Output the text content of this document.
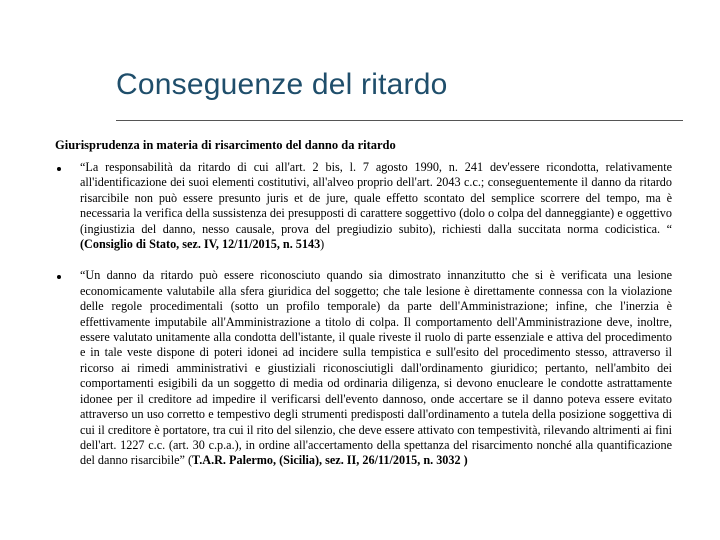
Conseguenze del ritardo

Giurisprudenza in materia di risarcimento del danno da ritardo

“La responsabilità da ritardo di cui all'art. 2 bis, l. 7 agosto 1990, n. 241 dev'essere ricondotta, relativamente all'identificazione dei suoi elementi costitutivi, all'alveo proprio dell'art. 2043 c.c.; conseguentemente il danno da ritardo risarcibile non può essere presunto juris et de jure, quale effetto scontato del semplice scorrere del tempo, ma è necessaria la verifica della sussistenza dei presupposti di carattere soggettivo (dolo o colpa del danneggiante) e oggettivo (ingiustizia del danno, nesso causale, prova del pregiudizio subito), richiesti dalla succitata norma codicistica. “ (Consiglio di Stato, sez. IV, 12/11/2015, n. 5143)
“Un danno da ritardo può essere riconosciuto quando sia dimostrato innanzitutto che si è verificata una lesione economicamente valutabile alla sfera giuridica del soggetto; che tale lesione è direttamente connessa con la violazione delle regole procedimentali (sotto un profilo temporale) da parte dell'Amministrazione; infine, che l'inerzia è effettivamente imputabile all'Amministrazione a titolo di colpa. Il comportamento dell'Amministrazione deve, inoltre, essere valutato unitamente alla condotta dell'istante, il quale riveste il ruolo di parte essenziale e attiva del procedimento e in tale veste dispone di poteri idonei ad incidere sulla tempistica e sull'esito del procedimento stesso, attraverso il ricorso ai rimedi amministrativi e giustiziali riconosciutigli dall'ordinamento giuridico; pertanto, nell'ambito dei comportamenti esigibili da un soggetto di media od ordinaria diligenza, si devono enucleare le condotte astrattamente idonee per il creditore ad impedire il verificarsi dell'evento dannoso, onde accertare se il danno poteva essere evitato attraverso un uso corretto e tempestivo degli strumenti predisposti dall'ordinamento a tutela della posizione soggettiva di cui il creditore è portatore, tra cui il rito del silenzio, che deve essere attivato con tempestività, rilevando altrimenti ai fini dell'art. 1227 c.c. (art. 30 c.p.a.), in ordine all'accertamento della spettanza del risarcimento nonché alla quantificazione del danno risarcibile” (T.A.R. Palermo, (Sicilia), sez. II, 26/11/2015, n. 3032 )
